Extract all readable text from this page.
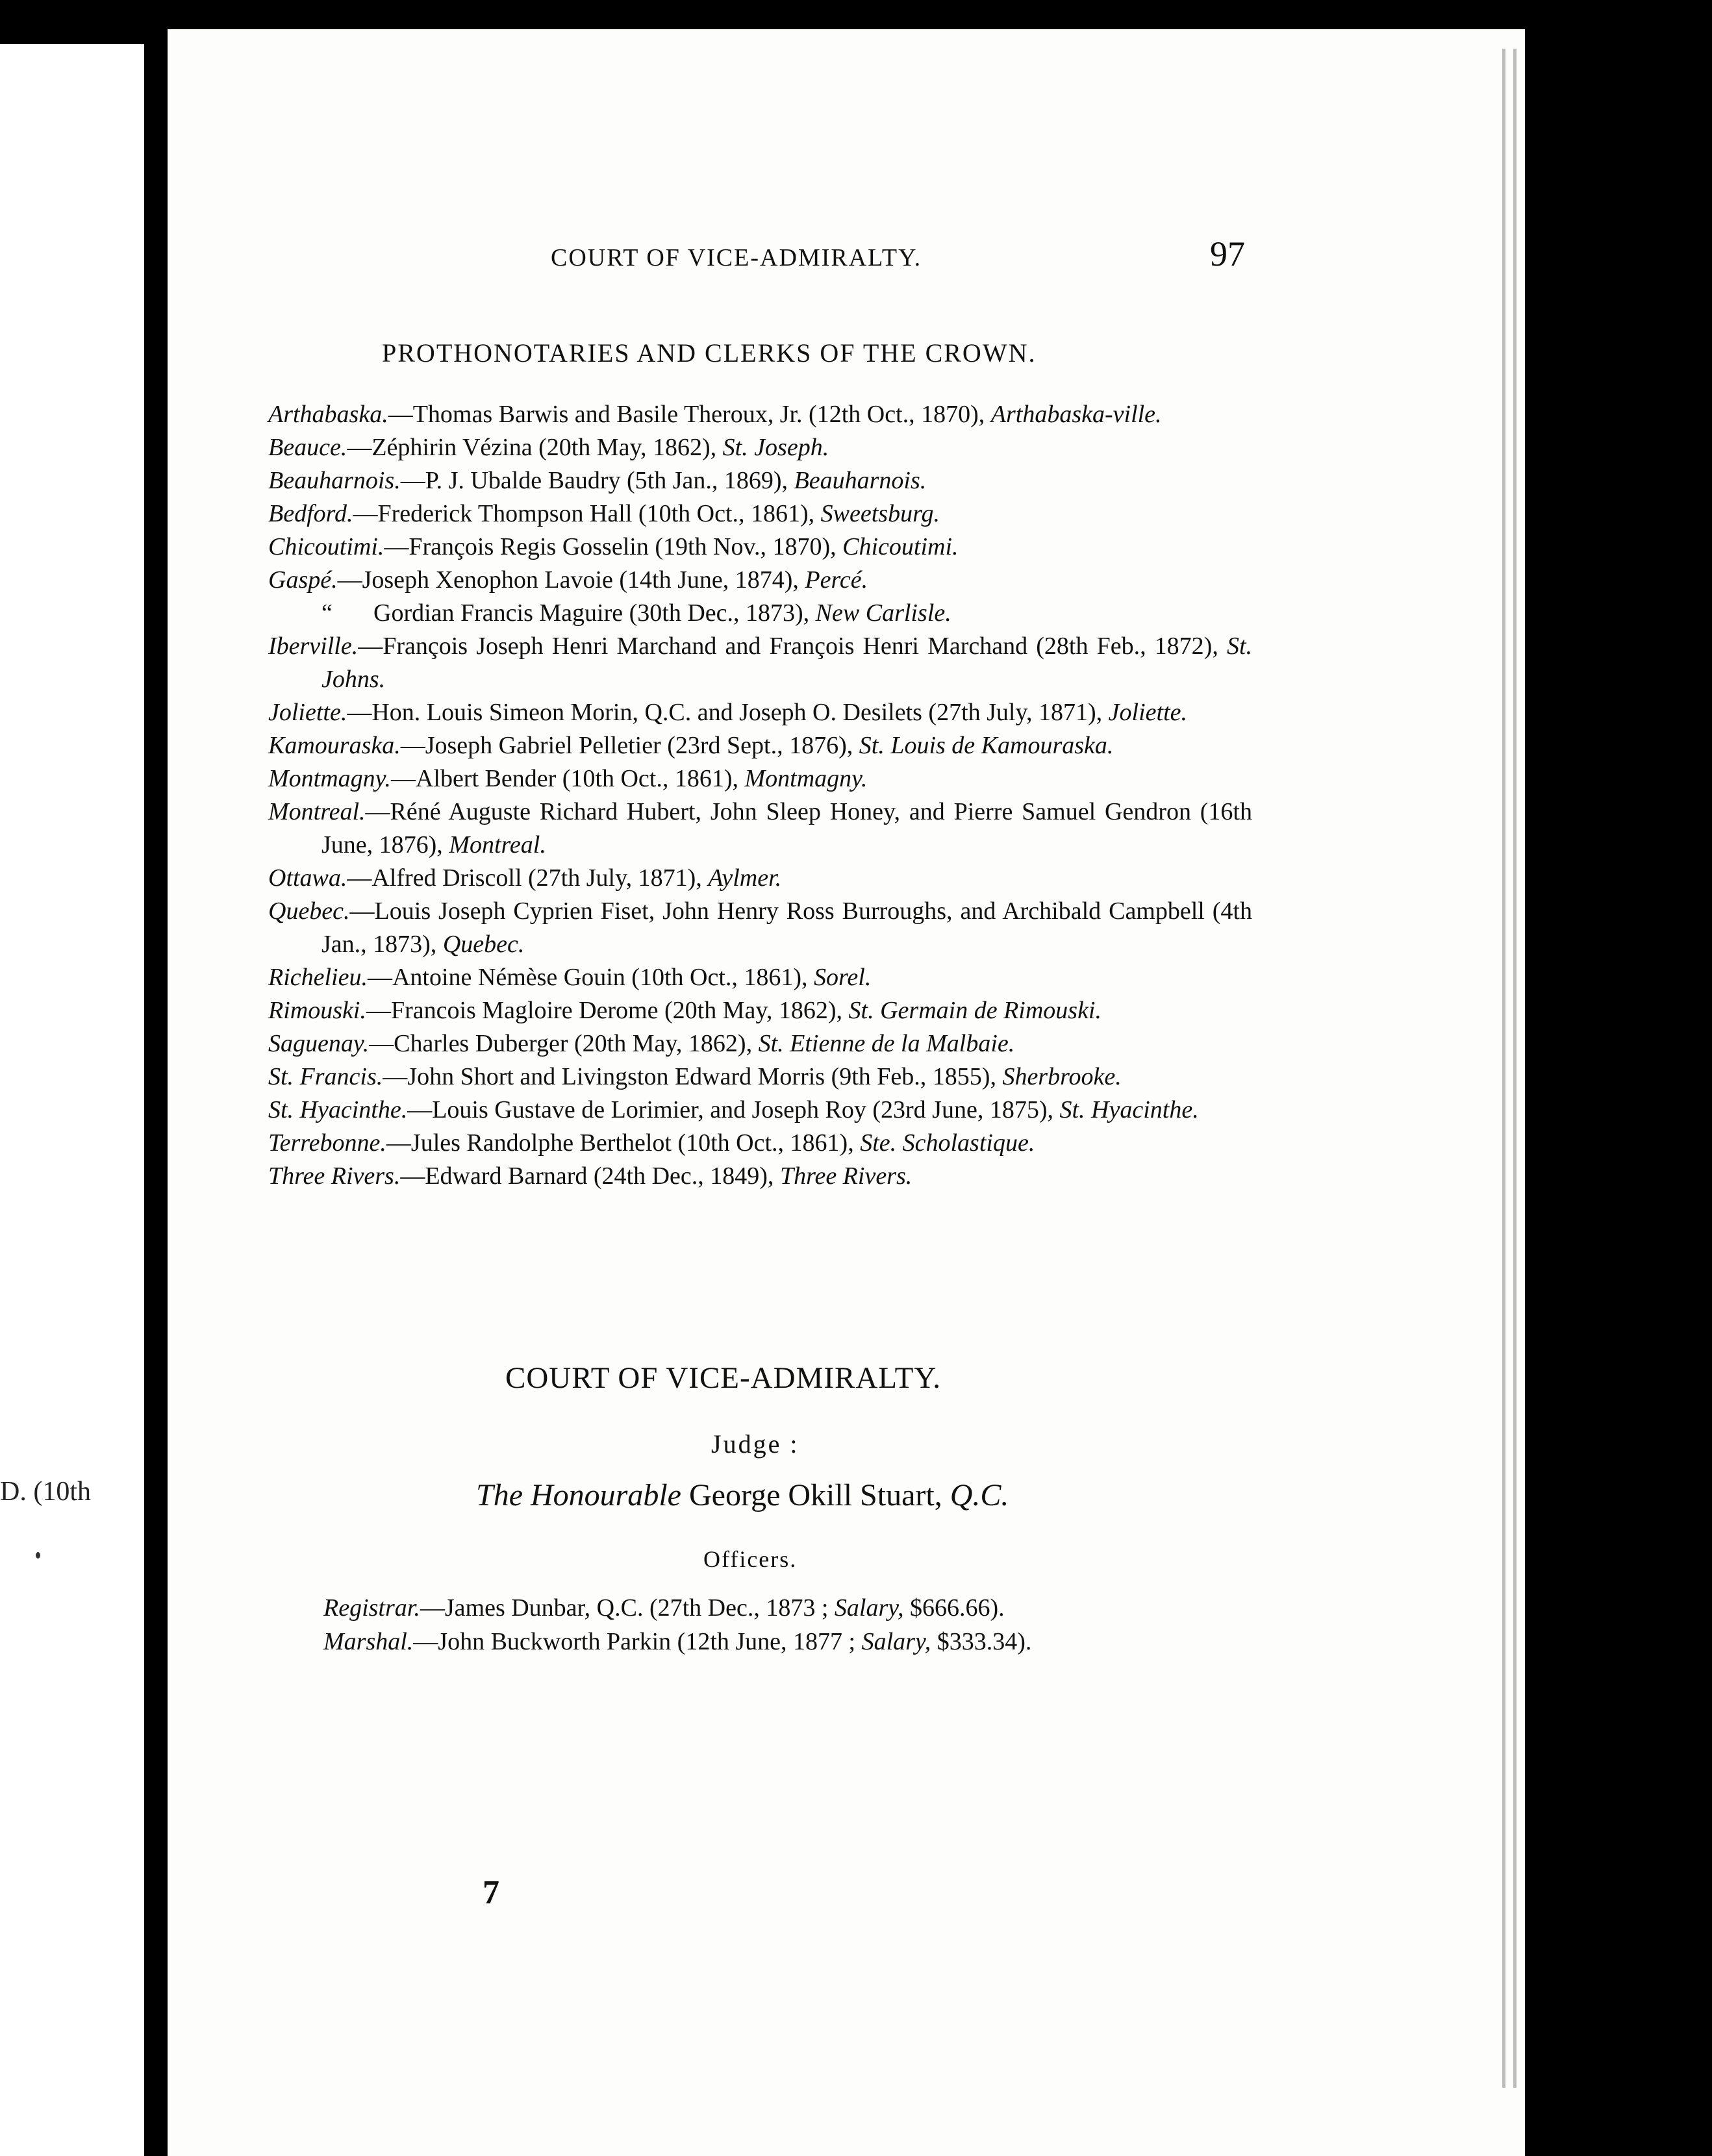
D. (10th
COURT OF VICE-ADMIRALTY.	97
PROTHONOTARIES AND CLERKS OF THE CROWN.

Arthabaska.—Thomas Barwis and Basile Theroux, Jr. (12th Oct., 1870), Arthabaska-ville.

Beauce.—Zéphirin Vézina (20th May, 1862), St. Joseph.

Beauharnois.—P. J. Ubalde Baudry (5th Jan., 1869), Beauharnois.

Bedford.—Frederick Thompson Hall (10th Oct., 1861), Sweetsburg.

Chicoutimi.—François Regis Gosselin (19th Nov., 1870), Chicoutimi.

Gaspé.—Joseph Xenophon Lavoie (14th June, 1874), Percé.

“ Gordian Francis Maguire (30th Dec., 1873), New Carlisle.

Iberville.—François Joseph Henri Marchand and François Henri Marchand (28th Feb., 1872), St. Johns.

Joliette.—Hon. Louis Simeon Morin, Q.C. and Joseph O. Desilets (27th July, 1871), Joliette.

Kamouraska.—Joseph Gabriel Pelletier (23rd Sept., 1876), St. Louis de Kamouraska.

Montmagny.—Albert Bender (10th Oct., 1861), Montmagny.

Montreal.—Réné Auguste Richard Hubert, John Sleep Honey, and Pierre Samuel Gendron (16th June, 1876), Montreal.

Ottawa.—Alfred Driscoll (27th July, 1871), Aylmer.

Quebec.—Louis Joseph Cyprien Fiset, John Henry Ross Burroughs, and Archibald Campbell (4th Jan., 1873), Quebec.

Richelieu.—Antoine Némèse Gouin (10th Oct., 1861), Sorel.

Rimouski.—Francois Magloire Derome (20th May, 1862), St. Germain de Rimouski.

Saguenay.—Charles Duberger (20th May, 1862), St. Etienne de la Malbaie.

St. Francis.—John Short and Livingston Edward Morris (9th Feb., 1855), Sherbrooke.

St. Hyacinthe.—Louis Gustave de Lorimier, and Joseph Roy (23rd June, 1875), St. Hyacinthe.

Terrebonne.—Jules Randolphe Berthelot (10th Oct., 1861), Ste. Scholastique.

Three Rivers.—Edward Barnard (24th Dec., 1849), Three Rivers.

COURT OF VICE-ADMIRALTY.
Judge :
The Honourable George Okill Stuart, Q.C.
Officers.

Registrar.—James Dunbar, Q.C. (27th Dec., 1873 ; Salary, $666.66).

Marshal.—John Buckworth Parkin (12th June, 1877 ; Salary, $333.34).

7
